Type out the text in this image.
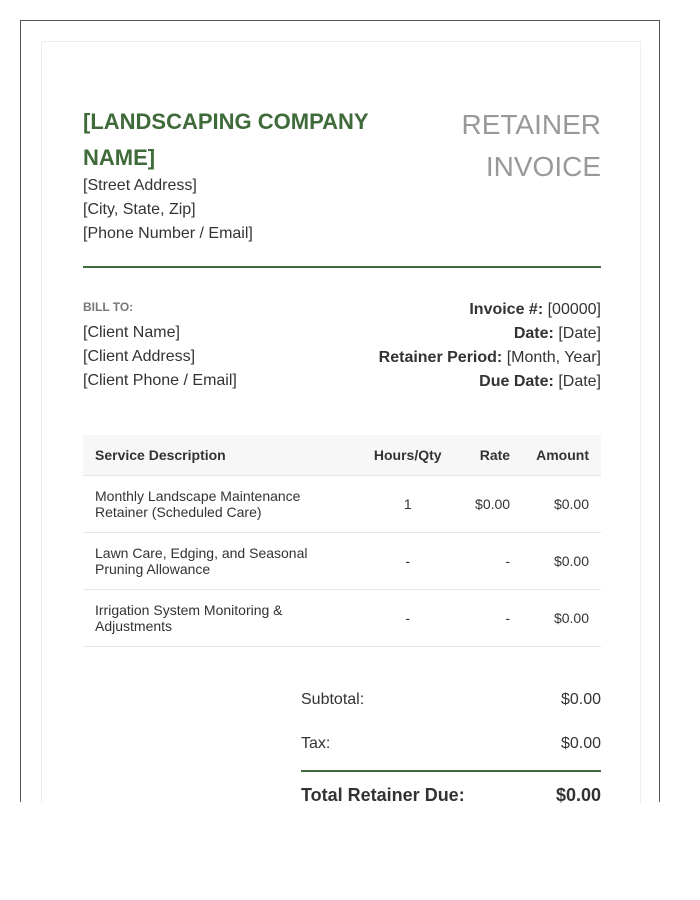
[LANDSCAPING COMPANY NAME]
[Street Address]
[City, State, Zip]
[Phone Number / Email]
RETAINER
INVOICE
BILL TO:
[Client Name]
[Client Address]
[Client Phone / Email]
Invoice #: [00000]
Date: [Date]
Retainer Period: [Month, Year]
Due Date: [Date]
Service Description	Hours/Qty	Rate	Amount
Monthly Landscape Maintenance Retainer (Scheduled Care)	1	$0.00	$0.00
Lawn Care, Edging, and Seasonal Pruning Allowance	-	-	$0.00
Irrigation System Monitoring & Adjustments	-	-	$0.00
Subtotal:	$0.00
Tax:	$0.00
Total Retainer Due:	$0.00
